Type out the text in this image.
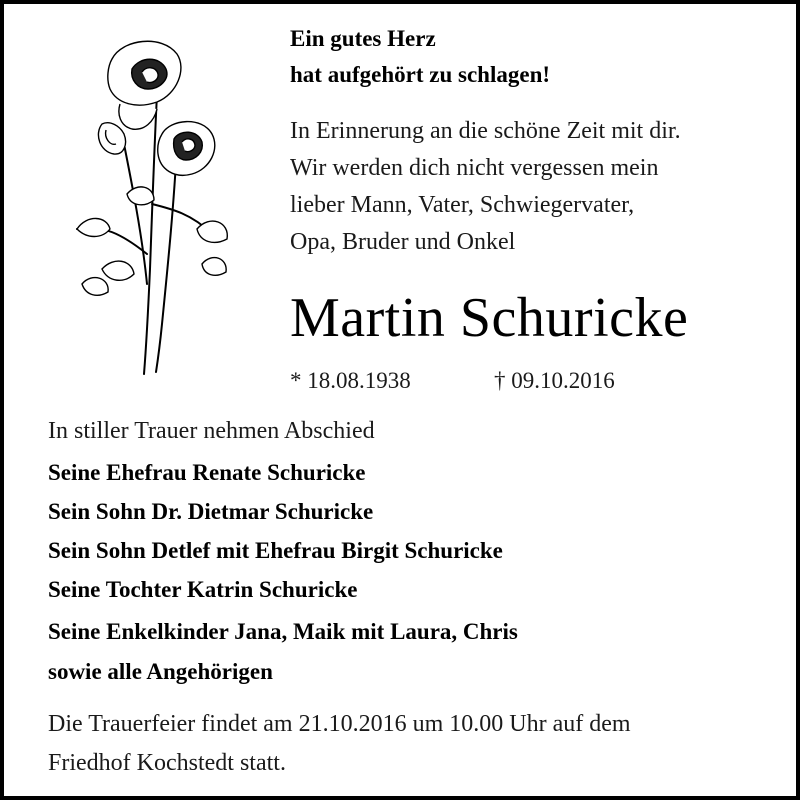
Ein gutes Herz
hat aufgehört zu schlagen!
In Erinnerung an die schöne Zeit mit dir.
Wir werden dich nicht vergessen mein
lieber Mann, Vater, Schwiegervater,
Opa, Bruder und Onkel
Martin Schuricke
* 18.08.1938	† 09.10.2016
In stiller Trauer nehmen Abschied
Seine Ehefrau Renate Schuricke
Sein Sohn Dr. Dietmar Schuricke
Sein Sohn Detlef mit Ehefrau Birgit Schuricke
Seine Tochter Katrin Schuricke
Seine Enkelkinder Jana, Maik mit Laura, Chris
sowie alle Angehörigen
Die Trauerfeier findet am 21.10.2016 um 10.00 Uhr auf dem
Friedhof Kochstedt statt.
